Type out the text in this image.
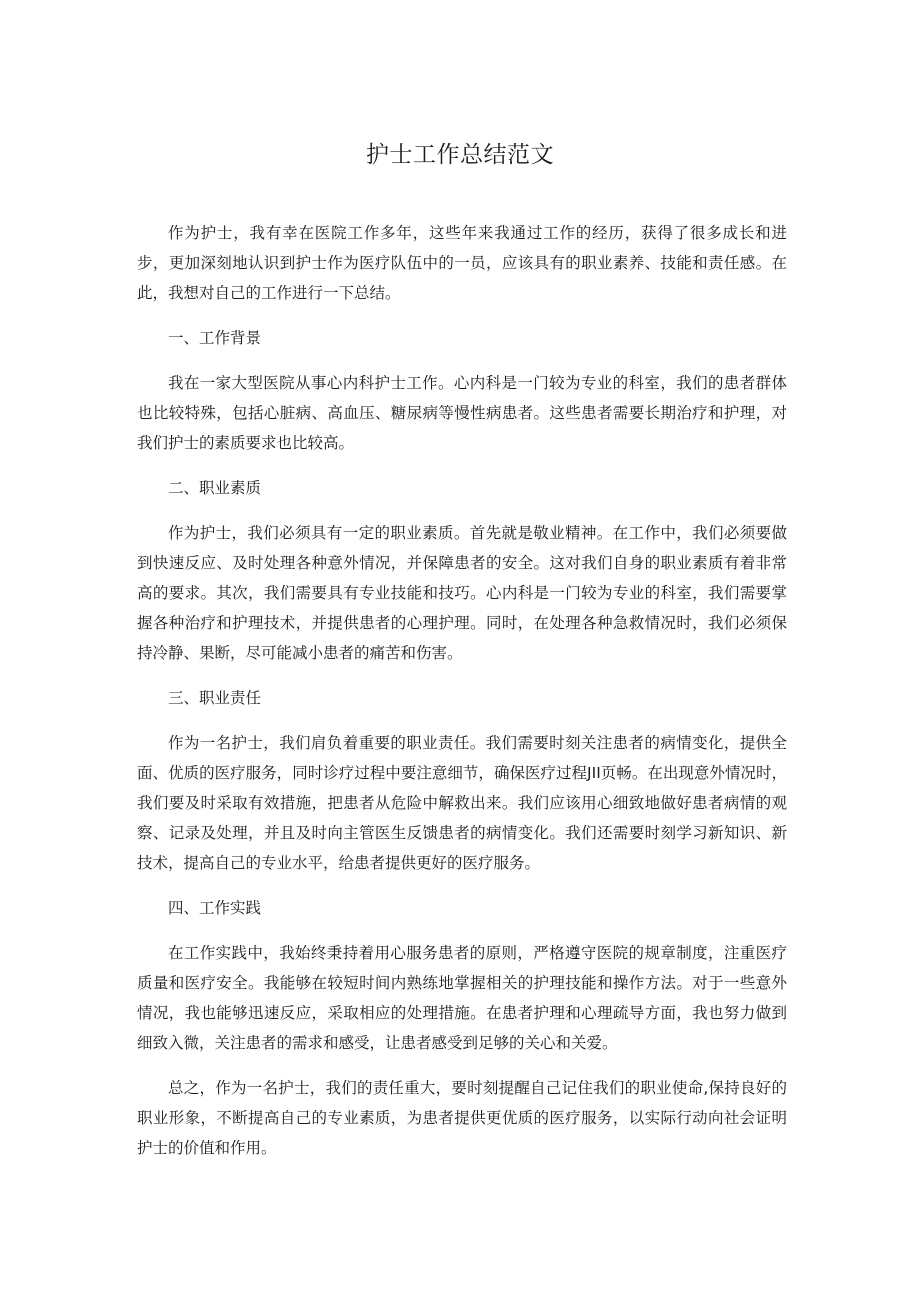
护士工作总结范文

作为护士，我有幸在医院工作多年，这些年来我通过工作的经历，获得了很多成长和进步，更加深刻地认识到护士作为医疗队伍中的一员，应该具有的职业素养、技能和责任感。在此，我想对自己的工作进行一下总结。

一、工作背景

我在一家大型医院从事心内科护士工作。心内科是一门较为专业的科室，我们的患者群体也比较特殊，包括心脏病、高血压、糖尿病等慢性病患者。这些患者需要长期治疗和护理，对我们护士的素质要求也比较高。

二、职业素质

作为护士，我们必须具有一定的职业素质。首先就是敬业精神。在工作中，我们必须要做到快速反应、及时处理各种意外情况，并保障患者的安全。这对我们自身的职业素质有着非常高的要求。其次，我们需要具有专业技能和技巧。心内科是一门较为专业的科室，我们需要掌握各种治疗和护理技术，并提供患者的心理护理。同时，在处理各种急救情况时，我们必须保持冷静、果断，尽可能减小患者的痛苦和伤害。

三、职业责任

作为一名护士，我们肩负着重要的职业责任。我们需要时刻关注患者的病情变化，提供全面、优质的医疗服务，同时诊疗过程中要注意细节，确保医疗过程JII页畅。在出现意外情况时，我们要及时采取有效措施，把患者从危险中解救出来。我们应该用心细致地做好患者病情的观察、记录及处理，并且及时向主管医生反馈患者的病情变化。我们还需要时刻学习新知识、新技术，提高自己的专业水平，给患者提供更好的医疗服务。

四、工作实践

在工作实践中，我始终秉持着用心服务患者的原则，严格遵守医院的规章制度，注重医疗质量和医疗安全。我能够在较短时间内熟练地掌握相关的护理技能和操作方法。对于一些意外情况，我也能够迅速反应，采取相应的处理措施。在患者护理和心理疏导方面，我也努力做到细致入微，关注患者的需求和感受，让患者感受到足够的关心和关爱。

总之，作为一名护士，我们的责任重大，要时刻提醒自己记住我们的职业使命,保持良好的职业形象，不断提高自己的专业素质，为患者提供更优质的医疗服务，以实际行动向社会证明护士的价值和作用。
